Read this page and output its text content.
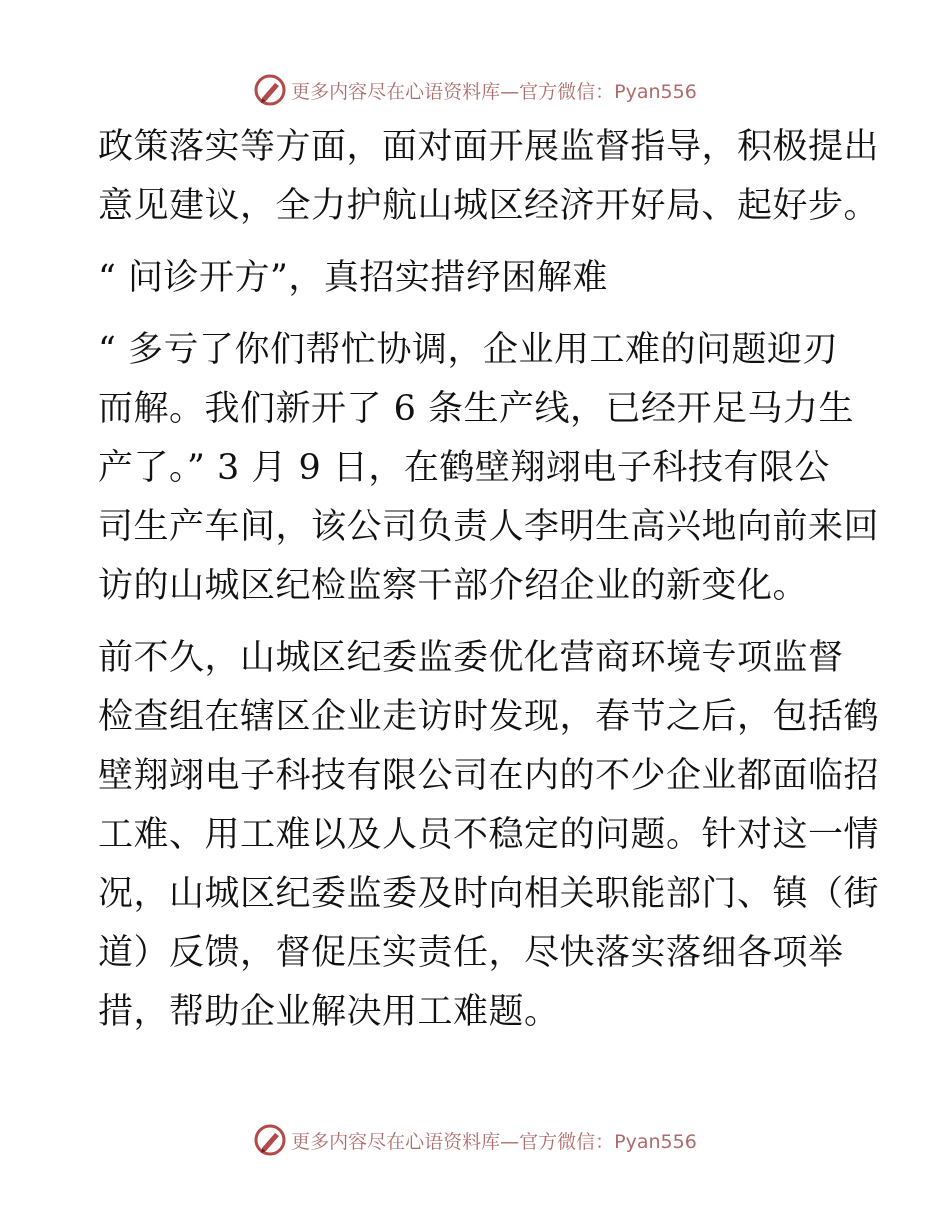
更多内容尽在心语资料库—官方微信：Pyan556
政策落实等方面，面对面开展监督指导，积极提出
意见建议，全力护航山城区经济开好局、起好步。
“ 问诊开方”，真招实措纾困解难
“ 多亏了你们帮忙协调，企业用工难的问题迎刃
而解。我们新开了 6 条生产线，已经开足马力生
产了。” 3 月 9 日，在鹤壁翔翊电子科技有限公
司生产车间，该公司负责人李明生高兴地向前来回
访的山城区纪检监察干部介绍企业的新变化。
前不久，山城区纪委监委优化营商环境专项监督
检查组在辖区企业走访时发现，春节之后，包括鹤
壁翔翊电子科技有限公司在内的不少企业都面临招
工难、用工难以及人员不稳定的问题。针对这一情
况，山城区纪委监委及时向相关职能部门、镇（街
道）反馈，督促压实责任，尽快落实落细各项举
措，帮助企业解决用工难题。
更多内容尽在心语资料库—官方微信：Pyan556
